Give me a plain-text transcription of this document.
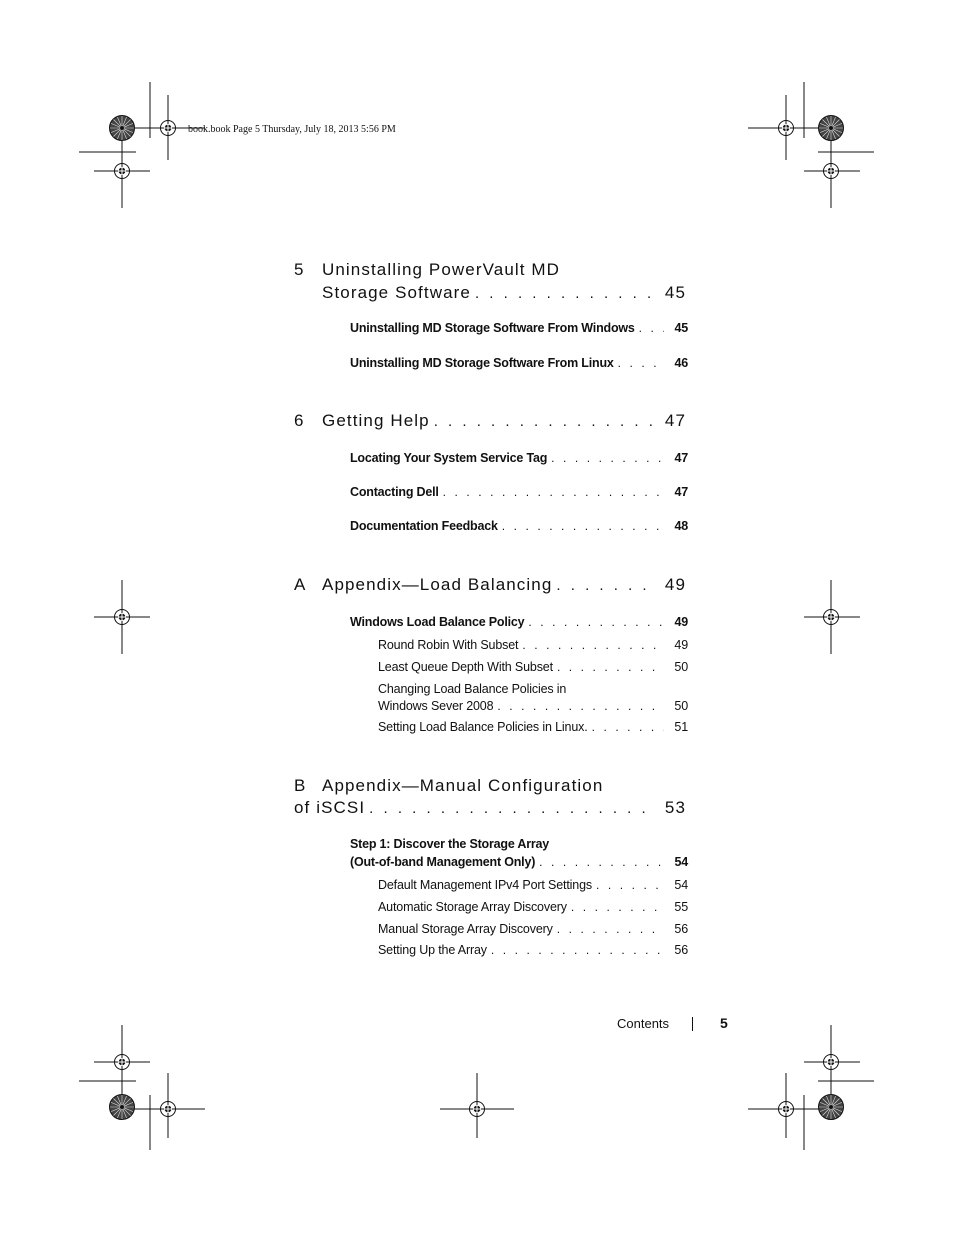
book.book Page 5 Thursday, July 18, 2013 5:56 PM
5 Uninstalling PowerVault MD
Storage Software . . .	45
Uninstalling MD Storage Software From Windows . . .	45
Uninstalling MD Storage Software From Linux . . .	46
6 Getting Help . . .	47
Locating Your System Service Tag . . .	47
Contacting Dell . . .	47
Documentation Feedback . . .	48
A Appendix—Load Balancing . . .	49
Windows Load Balance Policy . . .	49
Round Robin With Subset . . .	49
Least Queue Depth With Subset . . .	50
Changing Load Balance Policies in
Windows Sever 2008 . . .	50
Setting Load Balance Policies in Linux. . . .	51
B Appendix—Manual Configuration
of iSCSI . . .	53
Step 1: Discover the Storage Array
(Out-of-band Management Only) . . .	54
Default Management IPv4 Port Settings . . .	54
Automatic Storage Array Discovery . . .	55
Manual Storage Array Discovery . . .	56
Setting Up the Array . . .	56
Contents	5
